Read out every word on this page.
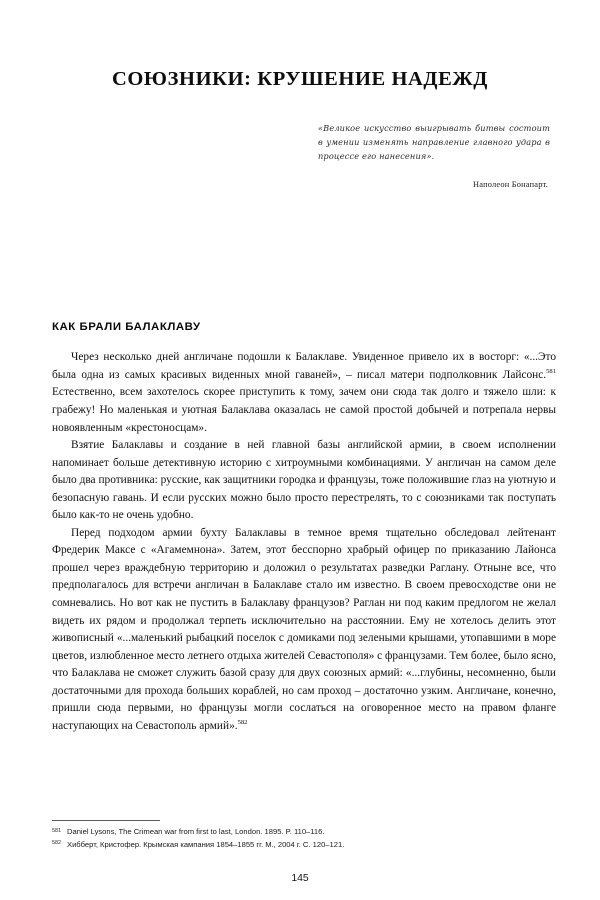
СОЮЗНИКИ: КРУШЕНИЕ НАДЕЖД
«Великое искусство выигрывать битвы состоит в умении изменять направление главного удара в процессе его нанесения».
Наполеон Бонапарт.
КАК БРАЛИ БАЛАКЛАВУ

Через несколько дней англичане подошли к Балаклаве. Увиденное привело их в восторг: «...Это была одна из самых красивых виденных мной гаваней», – писал матери подполковник Лайсонс.$^{581}$ Естественно, всем захотелось скорее приступить к тому, зачем они сюда так долго и тяжело шли: к грабежу! Но маленькая и уютная Балаклава оказалась не самой простой добычей и потрепала нервы новоявленным «крестоносцам».

Взятие Балаклавы и создание в ней главной базы английской армии, в своем исполнении напоминает больше детективную историю с хитроумными комбинациями. У англичан на самом деле было два противника: русские, как защитники городка и французы, тоже положившие глаз на уютную и безопасную гавань. И если русских можно было просто перестрелять, то с союзниками так поступать было как-то не очень удобно.

Перед подходом армии бухту Балаклавы в темное время тщательно обследовал лейтенант Фредерик Максе с «Агамемнона». Затем, этот бесспорно храбрый офицер по приказанию Лайонса прошел через враждебную территорию и доложил о результатах разведки Раглану. Отныне все, что предполагалось для встречи англичан в Балаклаве стало им известно. В своем превосходстве они не сомневались. Но вот как не пустить в Балаклаву французов? Раглан ни под каким предлогом не желал видеть их рядом и продолжал терпеть исключительно на расстоянии. Ему не хотелось делить этот живописный «...маленький рыбацкий поселок с домиками под зелеными крышами, утопавшими в море цветов, излюбленное место летнего отдыха жителей Севастополя» с французами. Тем более, было ясно, что Балаклава не сможет служить базой сразу для двух союзных армий: «...глубины, несомненно, были достаточными для прохода больших кораблей, но сам проход – достаточно узким. Англичане, конечно, пришли сюда первыми, но французы могли сослаться на оговоренное место на правом фланге наступающих на Севастополь армий».$^{582}$

581 Daniel Lysons, The Crimean war from first to last, London. 1895. P. 110–116.
582 Хибберт, Кристофер. Крымская кампания 1854–1855 гг. М., 2004 г. С. 120–121.
145
